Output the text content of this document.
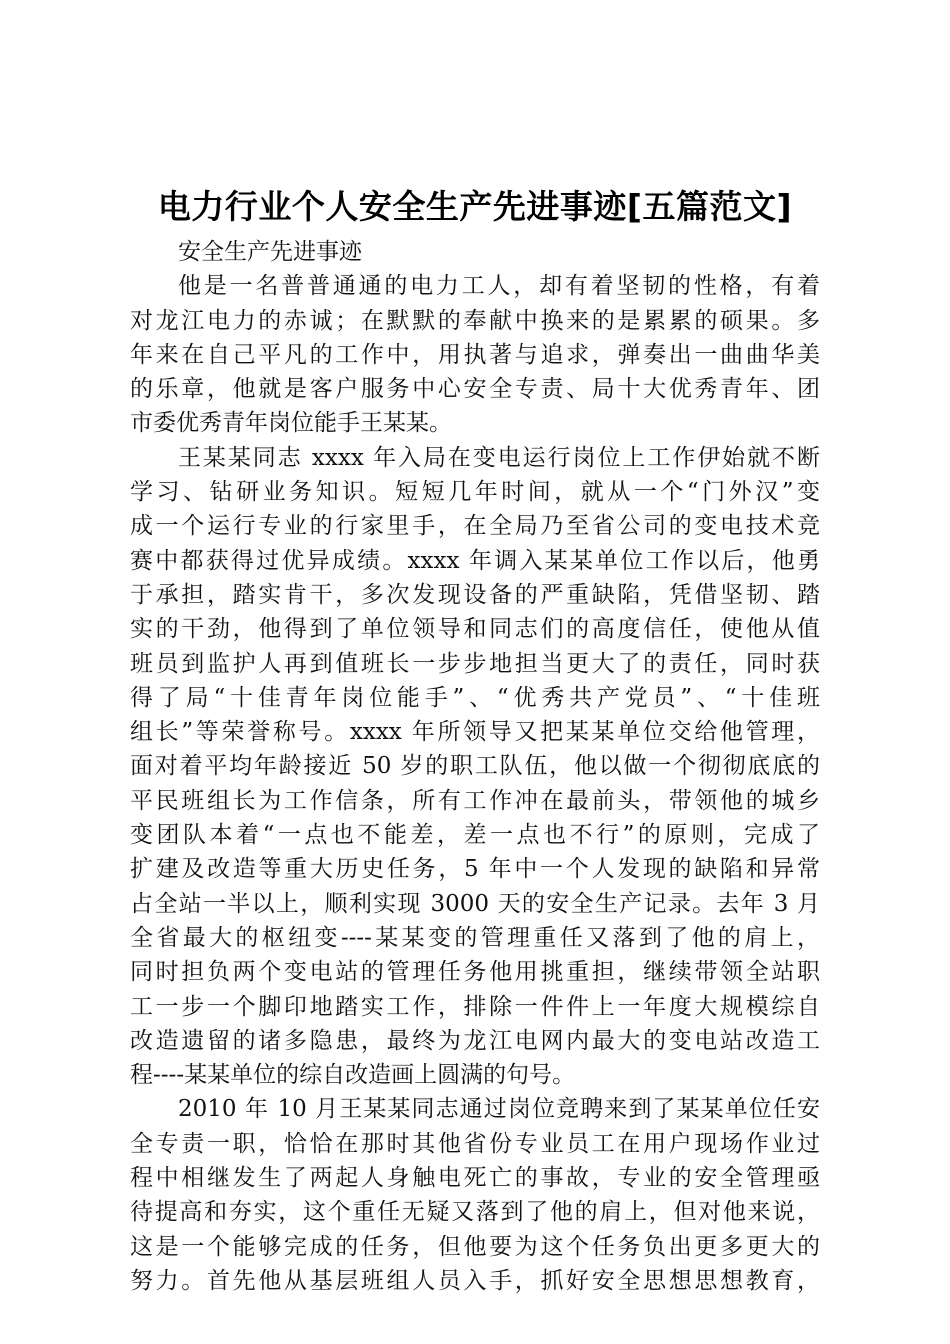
电力行业个人安全生产先进事迹[五篇范文]
安全生产先进事迹
他是一名普普通通的电力工人，却有着坚韧的性格，有着
对龙江电力的赤诚；在默默的奉献中换来的是累累的硕果。多
年来在自己平凡的工作中，用执著与追求，弹奏出一曲曲华美
的乐章，他就是客户服务中心安全专责、局十大优秀青年、团
市委优秀青年岗位能手王某某。
王某某同志 xxxx 年入局在变电运行岗位上工作伊始就不断
学习、钻研业务知识。短短几年时间，就从一个“门外汉”变
成一个运行专业的行家里手，在全局乃至省公司的变电技术竞
赛中都获得过优异成绩。xxxx 年调入某某单位工作以后，他勇
于承担，踏实肯干，多次发现设备的严重缺陷，凭借坚韧、踏
实的干劲，他得到了单位领导和同志们的高度信任，使他从值
班员到监护人再到值班长一步步地担当更大了的责任，同时获
得了局“十佳青年岗位能手”、“优秀共产党员”、“十佳班
组长”等荣誉称号。xxxx 年所领导又把某某单位交给他管理，
面对着平均年龄接近 50 岁的职工队伍，他以做一个彻彻底底的
平民班组长为工作信条，所有工作冲在最前头，带领他的城乡
变团队本着“一点也不能差，差一点也不行”的原则，完成了
扩建及改造等重大历史任务，5 年中一个人发现的缺陷和异常
占全站一半以上，顺利实现 3000 天的安全生产记录。去年 3 月
全省最大的枢纽变----某某变的管理重任又落到了他的肩上，
同时担负两个变电站的管理任务他用挑重担，继续带领全站职
工一步一个脚印地踏实工作，排除一件件上一年度大规模综自
改造遗留的诸多隐患，最终为龙江电网内最大的变电站改造工
程----某某单位的综自改造画上圆满的句号。
2010 年 10 月王某某同志通过岗位竞聘来到了某某单位任安
全专责一职，恰恰在那时其他省份专业员工在用户现场作业过
程中相继发生了两起人身触电死亡的事故，专业的安全管理亟
待提高和夯实，这个重任无疑又落到了他的肩上，但对他来说，
这是一个能够完成的任务，但他要为这个任务负出更多更大的
努力。首先他从基层班组人员入手，抓好安全思想思想教育，
